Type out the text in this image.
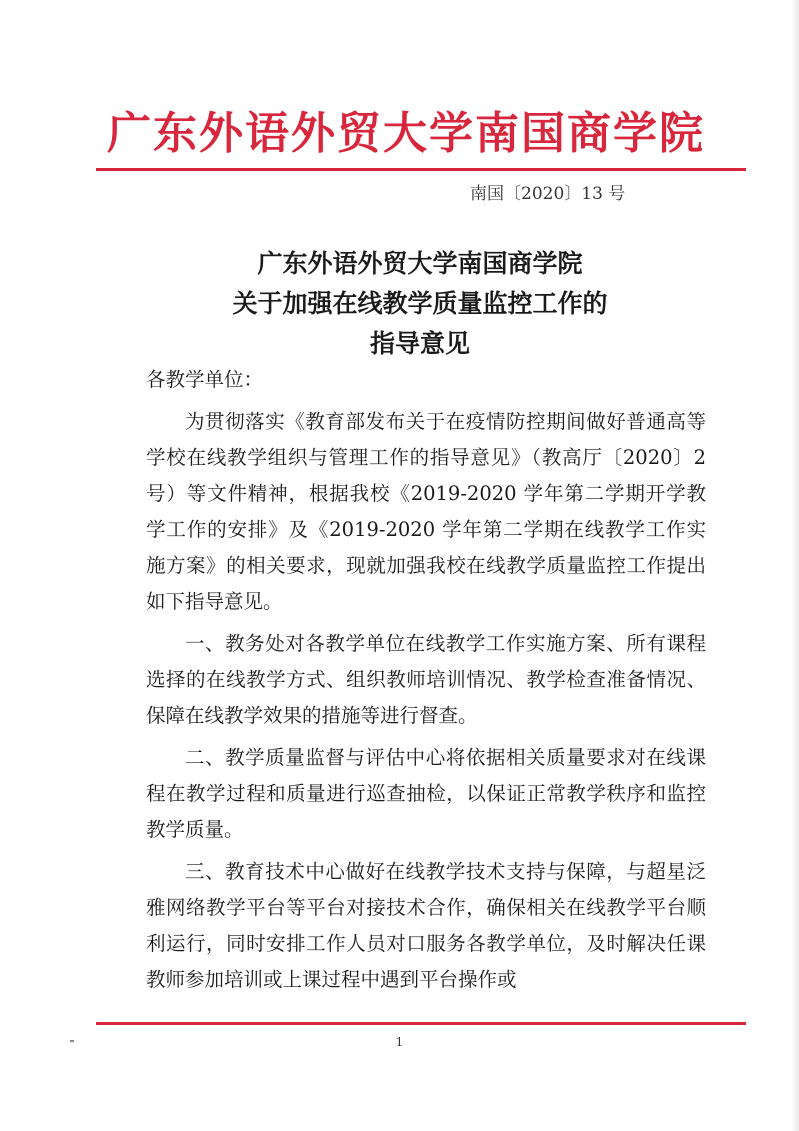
广东外语外贸大学南国商学院
南国〔2020〕13 号
广东外语外贸大学南国商学院
关于加强在线教学质量监控工作的
指导意见

各教学单位：

为贯彻落实《教育部发布关于在疫情防控期间做好普通高等学校在线教学组织与管理工作的指导意见》（教高厅〔2020〕2 号）等文件精神，根据我校《2019-2020 学年第二学期开学教学工作的安排》及《2019-2020 学年第二学期在线教学工作实施方案》的相关要求，现就加强我校在线教学质量监控工作提出如下指导意见。

一、教务处对各教学单位在线教学工作实施方案、所有课程选择的在线教学方式、组织教师培训情况、教学检查准备情况、保障在线教学效果的措施等进行督查。

二、教学质量监督与评估中心将依据相关质量要求对在线课程在教学过程和质量进行巡查抽检，以保证正常教学秩序和监控教学质量。

三、教育技术中心做好在线教学技术支持与保障，与超星泛雅网络教学平台等平台对接技术合作，确保相关在线教学平台顺利运行，同时安排工作人员对口服务各教学单位，及时解决任课教师参加培训或上课过程中遇到平台操作或

1
